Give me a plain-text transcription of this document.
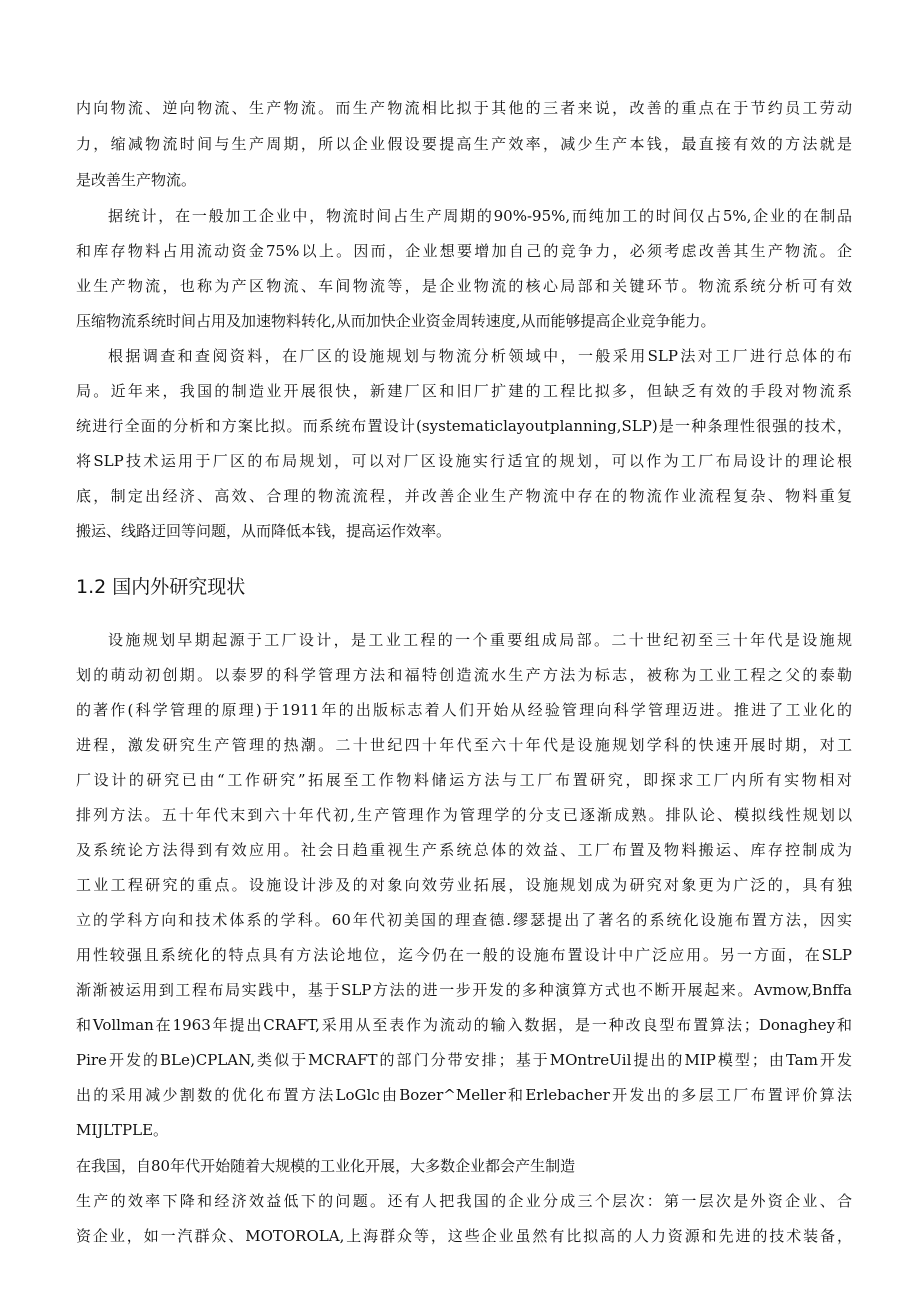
内向物流、逆向物流、生产物流。而生产物流相比拟于其他的三者来说，改善的重点在于节约员工劳动
力，缩减物流时间与生产周期，所以企业假设要提高生产效率，减少生产本钱，最直接有效的方法就是
是改善生产物流。
据统计，在一般加工企业中，物流时间占生产周期的90%-95%,而纯加工的时间仅占5%,企业的在制品
和库存物料占用流动资金75%以上。因而，企业想要增加自己的竞争力，必须考虑改善其生产物流。企
业生产物流，也称为产区物流、车间物流等，是企业物流的核心局部和关键环节。物流系统分析可有效
压缩物流系统时间占用及加速物料转化,从而加快企业资金周转速度,从而能够提高企业竞争能力。
根据调查和查阅资料，在厂区的设施规划与物流分析领域中，一般采用SLP法对工厂进行总体的布
局。近年来，我国的制造业开展很快，新建厂区和旧厂扩建的工程比拟多，但缺乏有效的手段对物流系
统进行全面的分析和方案比拟。而系统布置设计(systematiclayoutplanning,SLP)是一种条理性很强的技术，
将SLP技术运用于厂区的布局规划，可以对厂区设施实行适宜的规划，可以作为工厂布局设计的理论根
底，制定出经济、高效、合理的物流流程，并改善企业生产物流中存在的物流作业流程复杂、物料重复
搬运、线路迂回等问题，从而降低本钱，提高运作效率。
1.2 国内外研究现状
设施规划早期起源于工厂设计，是工业工程的一个重要组成局部。二十世纪初至三十年代是设施规
划的萌动初创期。以泰罗的科学管理方法和福特创造流水生产方法为标志，被称为工业工程之父的泰勒
的著作(科学管理的原理)于1911年的出版标志着人们开始从经验管理向科学管理迈进。推进了工业化的
进程，激发研究生产管理的热潮。二十世纪四十年代至六十年代是设施规划学科的快速开展时期，对工
厂设计的研究已由“工作研究”拓展至工作物料储运方法与工厂布置研究，即探求工厂内所有实物相对
排列方法。五十年代末到六十年代初,生产管理作为管理学的分支已逐渐成熟。排队论、模拟线性规划以
及系统论方法得到有效应用。社会日趋重视生产系统总体的效益、工厂布置及物料搬运、库存控制成为
工业工程研究的重点。设施设计涉及的对象向效劳业拓展，设施规划成为研究对象更为广泛的，具有独
立的学科方向和技术体系的学科。60年代初美国的理查德.缪瑟提出了著名的系统化设施布置方法，因实
用性较强且系统化的特点具有方法论地位，迄今仍在一般的设施布置设计中广泛应用。另一方面，在SLP
渐渐被运用到工程布局实践中，基于SLP方法的进一步开发的多种演算方式也不断开展起来。Avmow,Bnffa
和Vollman在1963年提出CRAFT,采用从至表作为流动的输入数据，是一种改良型布置算法；Donaghey和
Pire开发的BLe)CPLAN,类似于MCRAFT的部门分带安排；基于MOntreUil提出的MIP模型；由Tam开发
出的采用减少割数的优化布置方法LoGlc由Bozer^Meller和Erlebacher开发出的多层工厂布置评价算法
MIJLTPLE。
在我国，自80年代开始随着大规模的工业化开展，大多数企业都会产生制造
生产的效率下降和经济效益低下的问题。还有人把我国的企业分成三个层次：第一层次是外资企业、合
资企业，如一汽群众、MOTOROLA,上海群众等，这些企业虽然有比拟高的人力资源和先进的技术装备，
